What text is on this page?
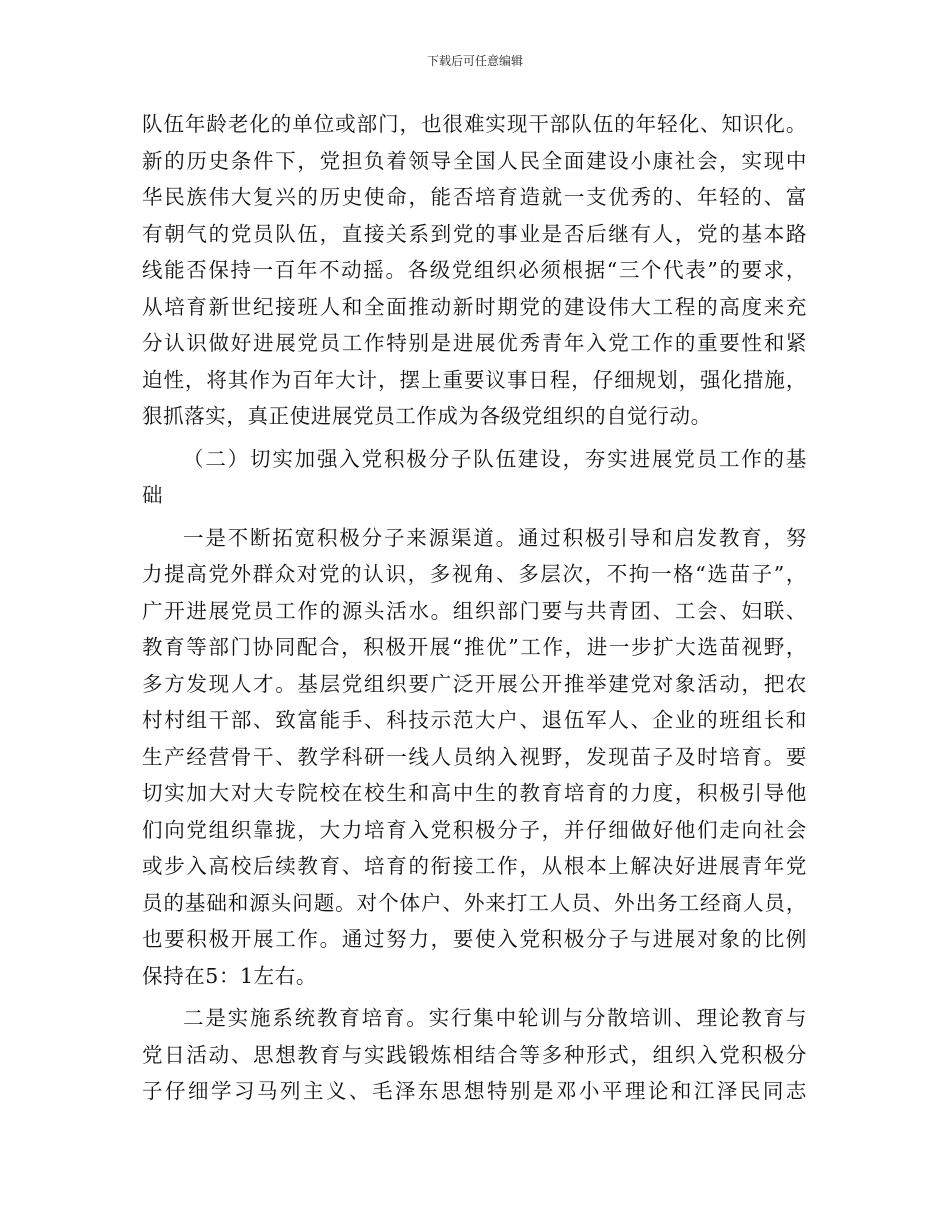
下载后可任意编辑
队伍年龄老化的单位或部门，也很难实现干部队伍的年轻化、知识化。
新的历史条件下，党担负着领导全国人民全面建设小康社会，实现中
华民族伟大复兴的历史使命，能否培育造就一支优秀的、年轻的、富
有朝气的党员队伍，直接关系到党的事业是否后继有人，党的基本路
线能否保持一百年不动摇。各级党组织必须根据“三个代表”的要求，
从培育新世纪接班人和全面推动新时期党的建设伟大工程的高度来充
分认识做好进展党员工作特别是进展优秀青年入党工作的重要性和紧
迫性，将其作为百年大计，摆上重要议事日程，仔细规划，强化措施，
狠抓落实，真正使进展党员工作成为各级党组织的自觉行动。
（二）切实加强入党积极分子队伍建设，夯实进展党员工作的基
础
一是不断拓宽积极分子来源渠道。通过积极引导和启发教育，努
力提高党外群众对党的认识，多视角、多层次，不拘一格“选苗子”，
广开进展党员工作的源头活水。组织部门要与共青团、工会、妇联、
教育等部门协同配合，积极开展“推优”工作，进一步扩大选苗视野，
多方发现人才。基层党组织要广泛开展公开推举建党对象活动，把农
村村组干部、致富能手、科技示范大户、退伍军人、企业的班组长和
生产经营骨干、教学科研一线人员纳入视野，发现苗子及时培育。要
切实加大对大专院校在校生和高中生的教育培育的力度，积极引导他
们向党组织靠拢，大力培育入党积极分子，并仔细做好他们走向社会
或步入高校后续教育、培育的衔接工作，从根本上解决好进展青年党
员的基础和源头问题。对个体户、外来打工人员、外出务工经商人员，
也要积极开展工作。通过努力，要使入党积极分子与进展对象的比例
保持在5：1左右。
二是实施系统教育培育。实行集中轮训与分散培训、理论教育与
党日活动、思想教育与实践锻炼相结合等多种形式，组织入党积极分
子仔细学习马列主义、毛泽东思想特别是邓小平理论和江泽民同志
